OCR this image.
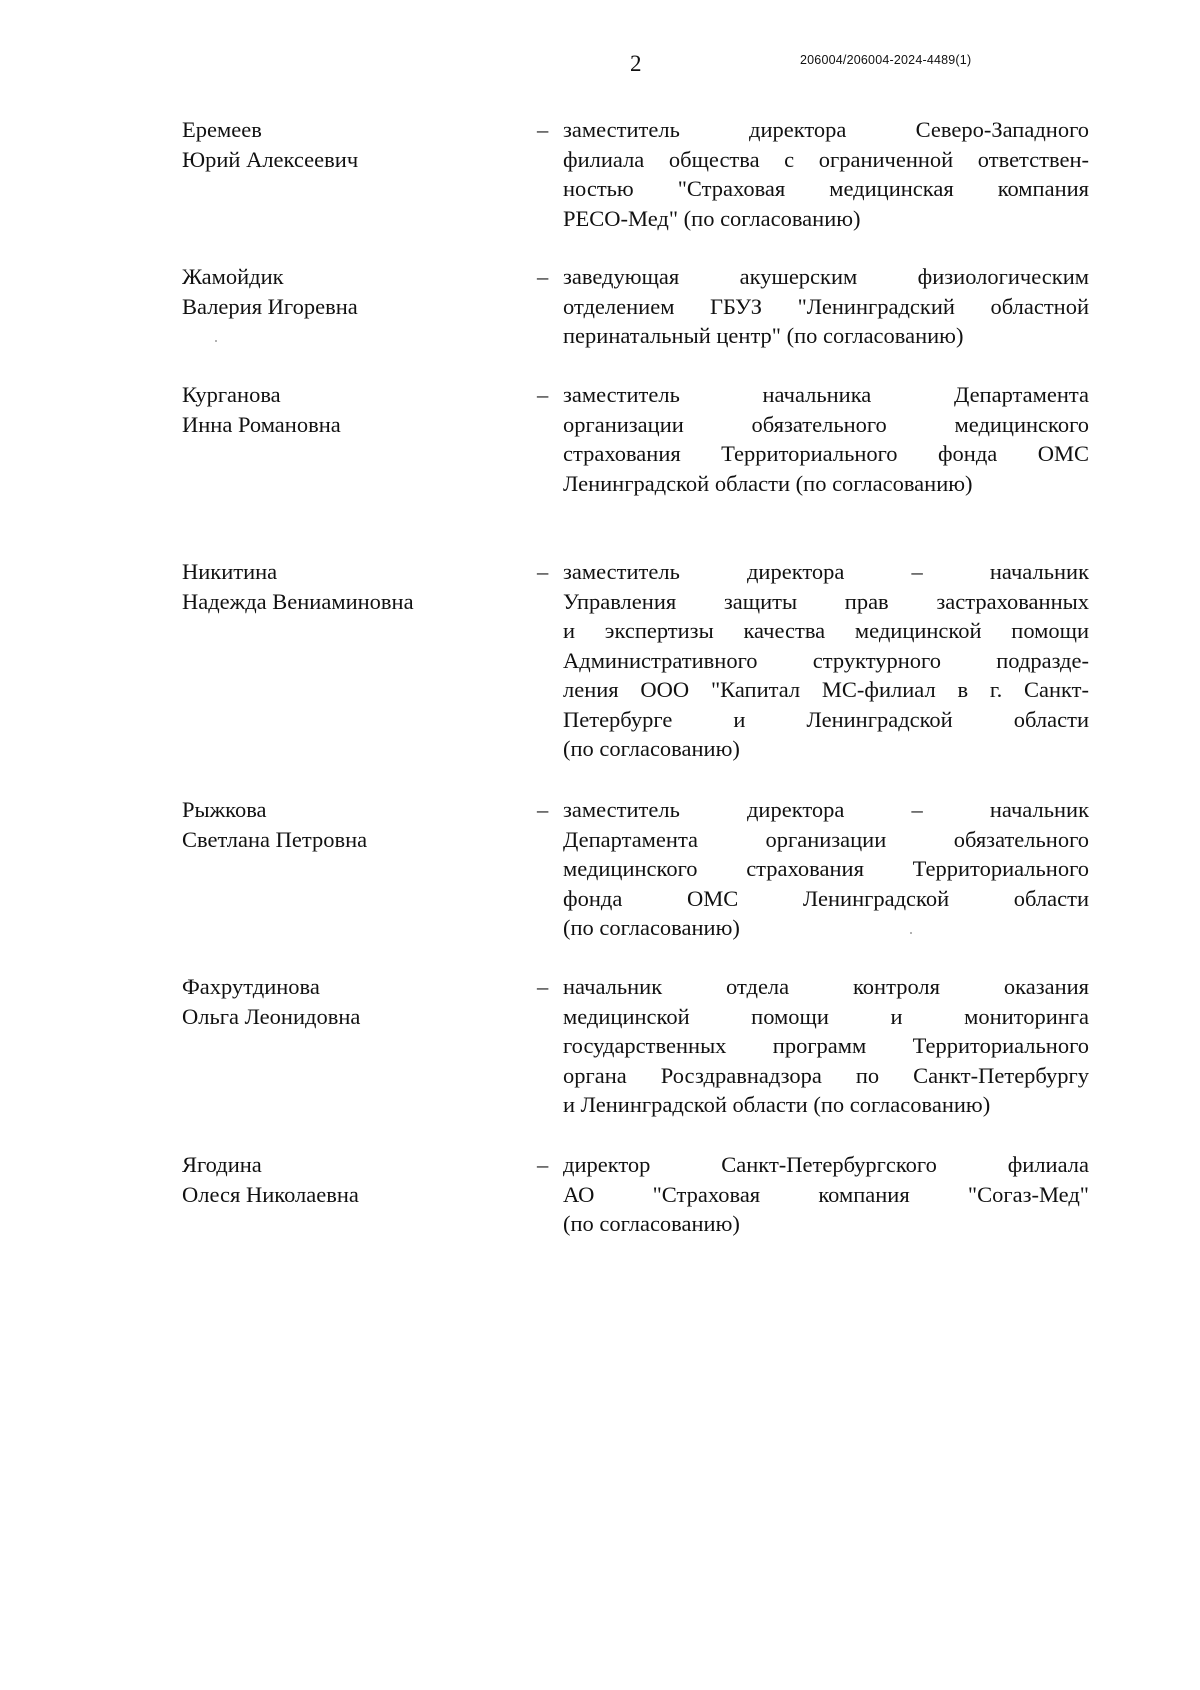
2	206004/206004-2024-4489(1)
Еремеев
Юрий Алексеевич
– заместитель директора Северо-Западного
филиала общества с ограниченной ответствен-
ностью "Страховая медицинская компания
РЕСО-Мед" (по согласованию)
Жамойдик
Валерия Игоревна
– заведующая акушерским физиологическим
отделением ГБУЗ "Ленинградский областной
перинатальный центр" (по согласованию)
Курганова
Инна Романовна
– заместитель начальника Департамента
организации обязательного медицинского
страхования Территориального фонда ОМС
Ленинградской области (по согласованию)
Никитина
Надежда Вениаминовна
– заместитель директора – начальник
Управления защиты прав застрахованных
и экспертизы качества медицинской помощи
Административного структурного подразде-
ления ООО "Капитал МС-филиал в г. Санкт-
Петербурге и Ленинградской области
(по согласованию)
Рыжкова
Светлана Петровна
– заместитель директора – начальник
Департамента организации обязательного
медицинского страхования Территориального
фонда ОМС Ленинградской области
(по согласованию)
Фахрутдинова
Ольга Леонидовна
– начальник отдела контроля оказания
медицинской помощи и мониторинга
государственных программ Территориального
органа Росздравнадзора по Санкт-Петербургу
и Ленинградской области (по согласованию)
Ягодина
Олеся Николаевна
– директор Санкт-Петербургского филиала
АО "Страховая компания "Согаз-Мед"
(по согласованию)
